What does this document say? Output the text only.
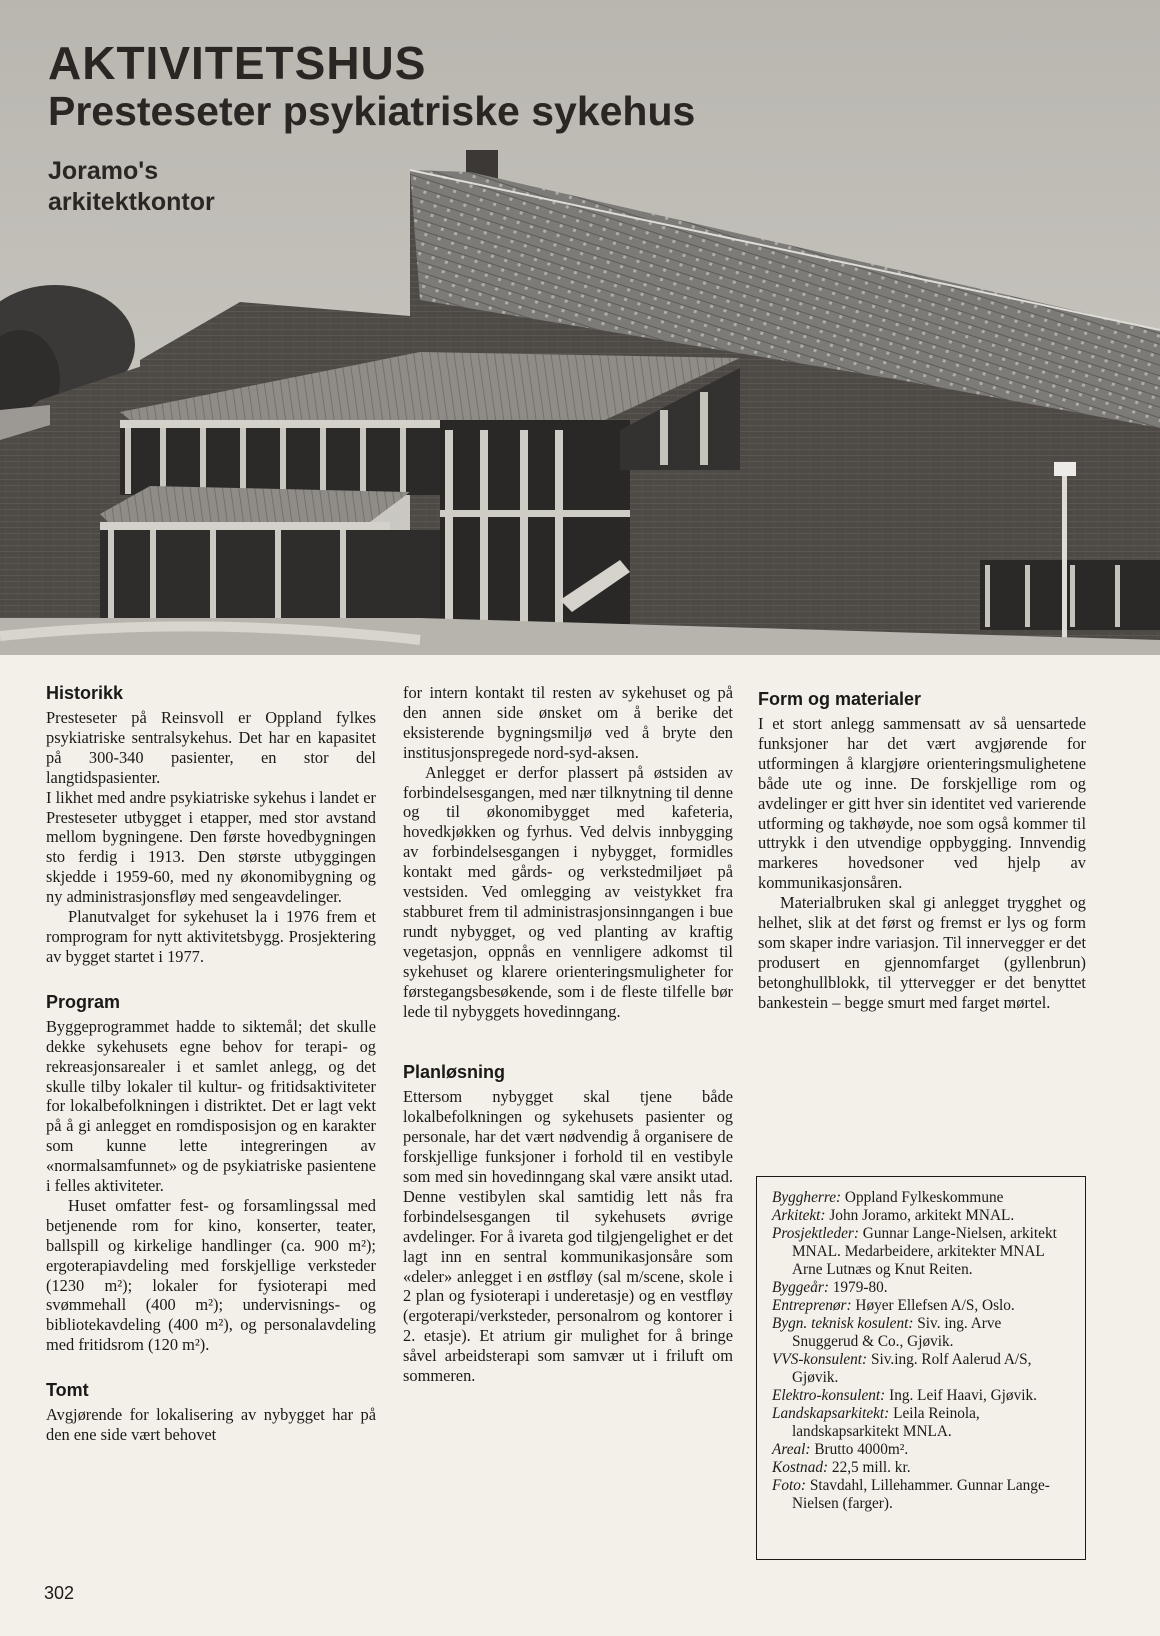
AKTIVITETSHUS
Presteseter psykiatriske sykehus
Joramo's
arkitektkontor
Historikk

Presteseter på Reinsvoll er Oppland fylkes psykiatriske sentralsykehus. Det har en kapasitet på 300-340 pasienter, en stor del langtidspasienter.

I likhet med andre psykiatriske sykehus i landet er Presteseter utbygget i etapper, med stor avstand mellom bygningene. Den første hovedbygningen sto ferdig i 1913. Den største utbyggingen skjedde i 1959-60, med ny økonomibygning og ny administrasjonsfløy med sengeavdelinger.

Planutvalget for sykehuset la i 1976 frem et romprogram for nytt aktivitetsbygg. Prosjektering av bygget startet i 1977.

Program

Byggeprogrammet hadde to siktemål; det skulle dekke sykehusets egne behov for terapi- og rekreasjonsarealer i et samlet anlegg, og det skulle tilby lokaler til kultur- og fritidsaktiviteter for lokalbefolkningen i distriktet. Det er lagt vekt på å gi anlegget en romdisposisjon og en karakter som kunne lette integreringen av «normalsamfunnet» og de psykiatriske pasientene i felles aktiviteter.

Huset omfatter fest- og forsamlingssal med betjenende rom for kino, konserter, teater, ballspill og kirkelige handlinger (ca. 900 m²); ergoterapiavdeling med forskjellige verksteder (1230 m²); lokaler for fysioterapi med svømmehall (400 m²); undervisnings- og bibliotekavdeling (400 m²), og personalavdeling med fritidsrom (120 m²).

Tomt

Avgjørende for lokalisering av nybygget har på den ene side vært behovet

for intern kontakt til resten av sykehuset og på den annen side ønsket om å berike det eksisterende bygningsmiljø ved å bryte den institusjonspregede nord-syd-aksen.

Anlegget er derfor plassert på østsiden av forbindelsesgangen, med nær tilknytning til denne og til økonomibygget med kafeteria, hovedkjøkken og fyrhus. Ved delvis innbygging av forbindelsesgangen i nybygget, formidles kontakt med gårds- og verkstedmiljøet på vestsiden. Ved omlegging av veistykket fra stabburet frem til administrasjonsinngangen i bue rundt nybygget, og ved planting av kraftig vegetasjon, oppnås en vennligere adkomst til sykehuset og klarere orienteringsmuligheter for førstegangsbesøkende, som i de fleste tilfelle bør lede til nybyggets hovedinngang.

Planløsning

Ettersom nybygget skal tjene både lokalbefolkningen og sykehusets pasienter og personale, har det vært nødvendig å organisere de forskjellige funksjoner i forhold til en vestibyle som med sin hovedinngang skal være ansikt utad. Denne vestibylen skal samtidig lett nås fra forbindelsesgangen til sykehusets øvrige avdelinger. For å ivareta god tilgjengelighet er det lagt inn en sentral kommunikasjonsåre som «deler» anlegget i en østfløy (sal m/scene, skole i 2 plan og fysioterapi i underetasje) og en vestfløy (ergoterapi/verksteder, personalrom og kontorer i 2. etasje). Et atrium gir mulighet for å bringe såvel arbeidsterapi som samvær ut i friluft om sommeren.

Form og materialer

I et stort anlegg sammensatt av så uensartede funksjoner har det vært avgjørende for utformingen å klargjøre orienteringsmulighetene både ute og inne. De forskjellige rom og avdelinger er gitt hver sin identitet ved varierende utforming og takhøyde, noe som også kommer til uttrykk i den utvendige oppbygging. Innvendig markeres hovedsoner ved hjelp av kommunikasjonsåren.

Materialbruken skal gi anlegget trygghet og helhet, slik at det først og fremst er lys og form som skaper indre variasjon. Til innervegger er det produsert en gjennomfarget (gyllenbrun) betonghullblokk, til yttervegger er det benyttet bankestein – begge smurt med farget mørtel.

Byggherre: Oppland Fylkeskommune
Arkitekt: John Joramo, arkitekt MNAL.
Prosjektleder: Gunnar Lange-Nielsen, arkitekt MNAL. Medarbeidere, arkitekter MNAL Arne Lutnæs og Knut Reiten.
Byggeår: 1979-80.
Entreprenør: Høyer Ellefsen A/S, Oslo.
Bygn. teknisk kosulent: Siv. ing. Arve Snuggerud & Co., Gjøvik.
VVS-konsulent: Siv.ing. Rolf Aalerud A/S, Gjøvik.
Elektro-konsulent: Ing. Leif Haavi, Gjøvik.
Landskapsarkitekt: Leila Reinola, landskapsarkitekt MNLA.
Areal: Brutto 4000m².
Kostnad: 22,5 mill. kr.
Foto: Stavdahl, Lillehammer. Gunnar Lange-Nielsen (farger).
302
